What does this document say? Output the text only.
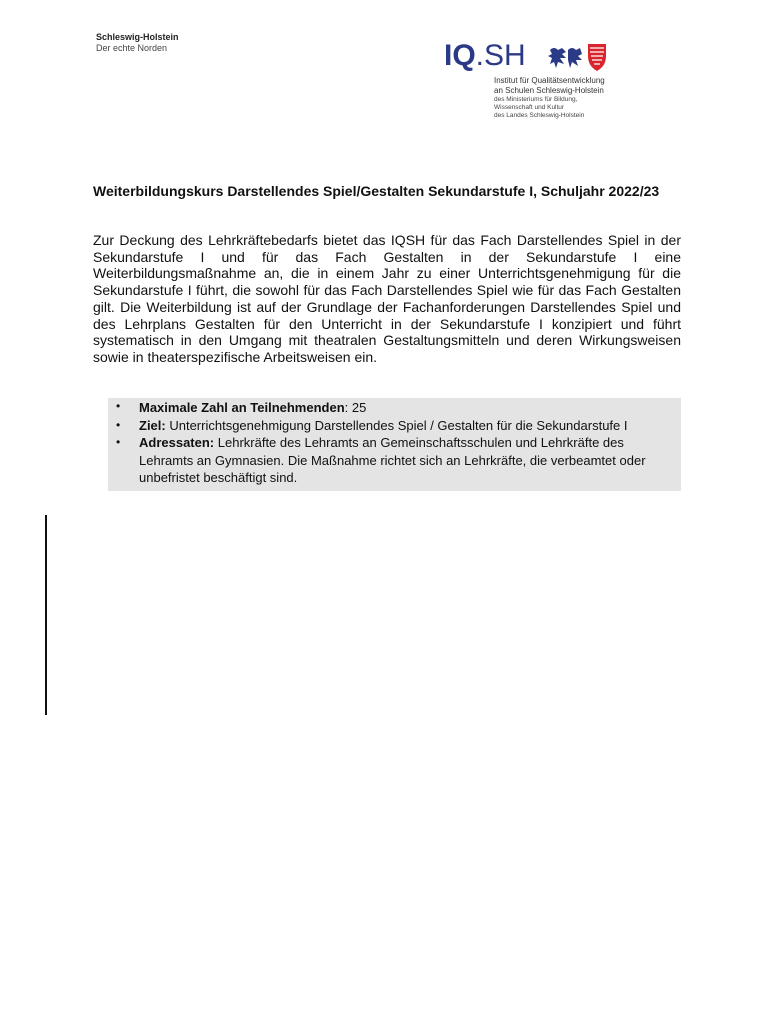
Schleswig-Holstein
Der echte Norden	IQ.SH
Institut für Qualitätsentwicklung
an Schulen Schleswig-Holstein
des Ministeriums für Bildung,
Wissenschaft und Kultur
des Landes Schleswig-Holstein
Weiterbildungskurs Darstellendes Spiel/Gestalten Sekundarstufe I, Schuljahr 2022/23
Zur Deckung des Lehrkräftebedarfs bietet das IQSH für das Fach Darstellendes Spiel in der Sekundarstufe I und für das Fach Gestalten in der Sekundarstufe I eine Weiterbildungsmaßnahme an, die in einem Jahr zu einer Unterrichtsgenehmigung für die Sekundarstufe I führt, die sowohl für das Fach Darstellendes Spiel wie für das Fach Gestalten gilt. Die Weiterbildung ist auf der Grundlage der Fachanforderungen Darstellendes Spiel und des Lehrplans Gestalten für den Unterricht in der Sekundarstufe I konzipiert und führt systematisch in den Umgang mit theatralen Gestaltungsmitteln und deren Wirkungsweisen sowie in theaterspezifische Arbeitsweisen ein.
• Maximale Zahl an Teilnehmenden: 25
• Ziel: Unterrichtsgenehmigung Darstellendes Spiel / Gestalten für die Sekundarstufe I
• Adressaten: Lehrkräfte des Lehramts an Gemeinschaftsschulen und Lehrkräfte des Lehramts an Gymnasien. Die Maßnahme richtet sich an Lehrkräfte, die verbeamtet oder unbefristet beschäftigt sind.
